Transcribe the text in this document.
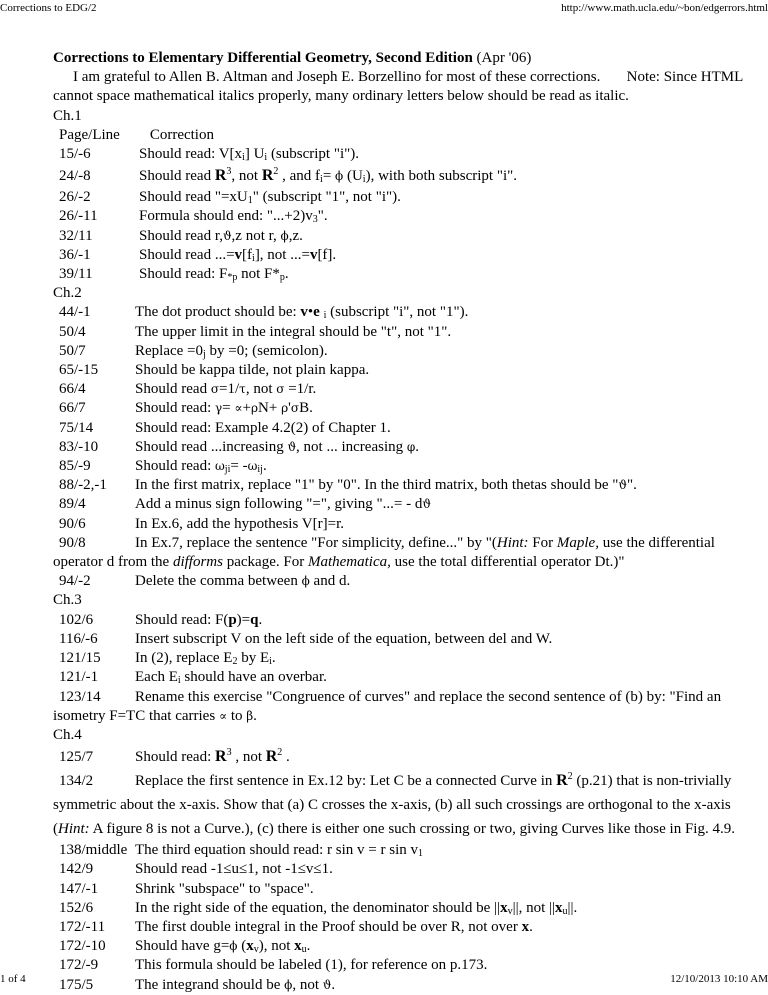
Corrections to EDG/2	http://www.math.ucla.edu/~bon/edgerrors.html
Corrections to Elementary Differential Geometry, Second Edition (Apr '06)
I am grateful to Allen B. Altman and Joseph E. Borzellino for most of these corrections. Note: Since HTML cannot space mathematical italics properly, many ordinary letters below should be read as italic.
Ch.1
Page/Line Correction
15/-6	Should read: $V[x_i]$ $U_i$ (subscript "i").
24/-8	Should read $R^3$, not $R^2$ , and $f_i= \phi$ $(U_i)$, with both subscript "i".
26/-2	Should read "$=xU_1$" (subscript "1", not "i").
26/-11	Formula should end: "$...+2)v_3$".
32/11	Should read r,ϑ,z not r, ϕ,z.
36/-1	Should read $...=v[f_i]$, not ...=v[f].
39/11	Should read: $F_{*p}$ not $F*_p$.
Ch.2
44/-1	The dot product should be: v•e $_i$ (subscript "i", not "1").
50/4	The upper limit in the integral should be "t", not "1".
50/7	Replace $=0_j$ by =0; (semicolon).
65/-15 Should be kappa tilde, not plain kappa.
66/4	Should read σ=1/τ, not σ =1/r.
66/7	Should read: γ= ∝+ρN+ ρ'σB.
75/14	Should read: Example 4.2(2) of Chapter 1.
83/-10 Should read ...increasing ϑ, not ... increasing φ.
85/-9	Should read: $\omega_{ji}= -\omega_{ij}$.
88/-2,-1 In the first matrix, replace "1" by "0". In the third matrix, both thetas should be "ϑ".
89/4	Add a minus sign following "=", giving "...= - dϑ
90/6	In Ex.6, add the hypothesis V[r]=r.
90/8	In Ex.7, replace the sentence "For simplicity, define..." by "(Hint: For Maple, use the differential operator d from the difforms package. For Mathematica, use the total differential operator Dt.)"
94/-2	Delete the comma between ϕ and d.
Ch.3
102/6	Should read: F(p)=q.
116/-6 Insert subscript V on the left side of the equation, between del and W.
121/15 In (2), replace $E_2$ by $E_i$.
121/-1 Each $E_i$ should have an overbar.
123/14 Rename this exercise "Congruence of curves" and replace the second sentence of (b) by: "Find an isometry F=TC that carries ∝ to β.
Ch.4
125/7	Should read: $R^3$ , not $R^2$ .
134/2	Replace the first sentence in Ex.12 by: Let C be a connected Curve in $R^2$ (p.21) that is non-trivially symmetric about the x-axis. Show that (a) C crosses the x-axis, (b) all such crossings are orthogonal to the x-axis (Hint: A figure 8 is not a Curve.), (c) there is either one such crossing or two, giving Curves like those in Fig. 4.9.
138/middle The third equation should read: r sin v = r $\sin v_1$
142/9	Should read -1≤u≤1, not -1≤v≤1.
147/-1 Shrink "subspace" to "space".
152/6	In the right side of the equation, the denominator should be $||x_v||$, not $||x_u||$.
172/-11 The first double integral in the Proof should be over R, not over x.
172/-10 Should have g=ϕ $(x_v)$, not $x_u$.
172/-9 This formula should be labeled (1), for reference on p.173.
175/5	The integrand should be ϕ, not ϑ.
1 of 4	12/10/2013 10:10 AM
